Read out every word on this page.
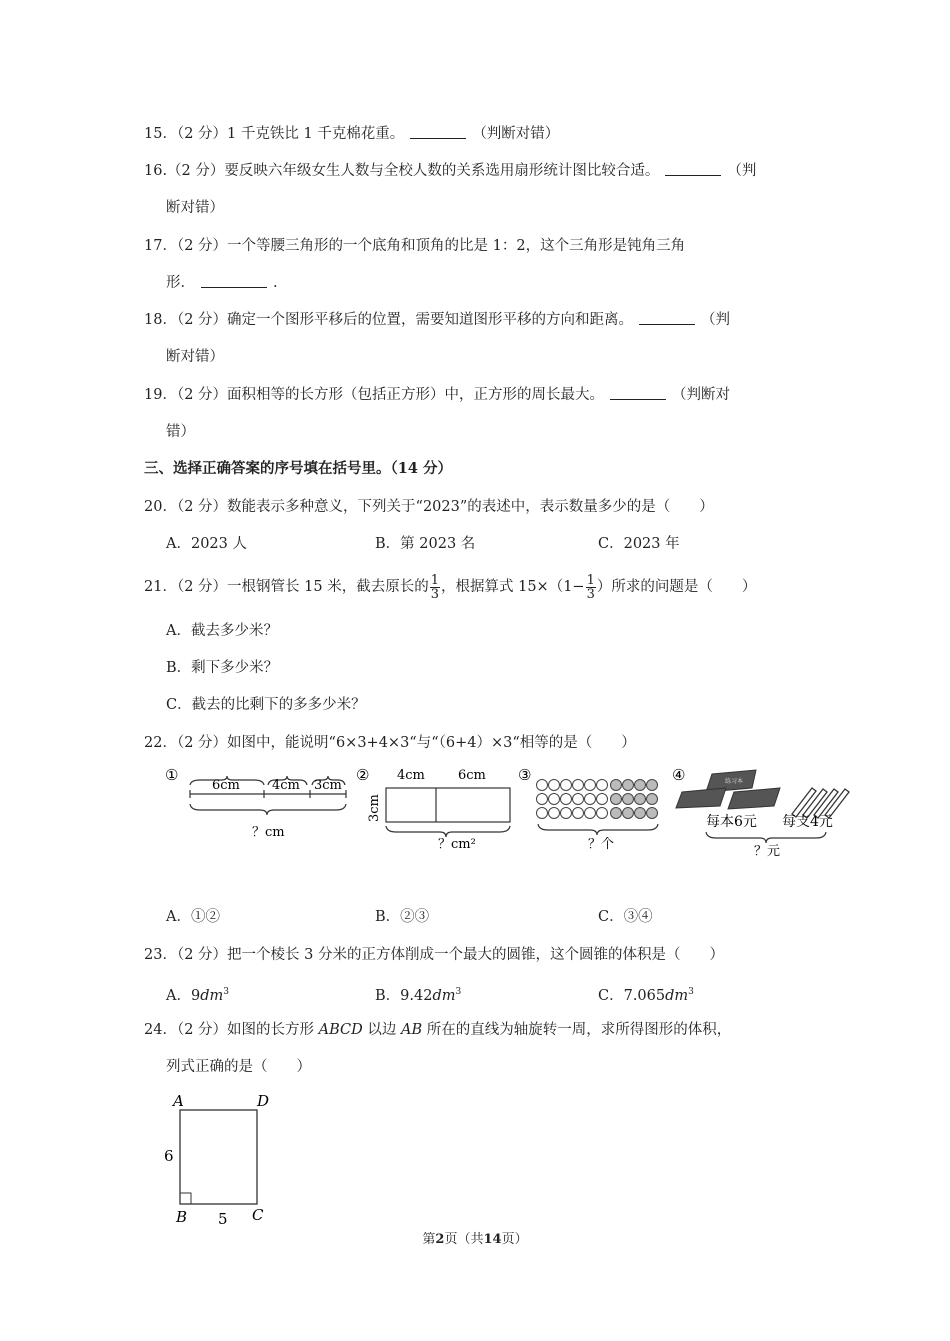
15．（2 分）1 千克铁比 1 千克棉花重。	（判断对错）
16.（2 分）要反映六年级女生人数与全校人数的关系选用扇形统计图比较合适。	（判
断对错）
17．（2 分）一个等腰三角形的一个底角和顶角的比是 1：2，这个三角形是钝角三角
形．	.
18．（2 分）确定一个图形平移后的位置，需要知道图形平移的方向和距离。	（判
断对错）
19．（2 分）面积相等的长方形（包括正方形）中，正方形的周长最大。	（判断对
错）
三、选择正确答案的序号填在括号里。（14 分）
20．（2 分）数能表示多种意义，下列关于“2023”的表述中，表示数量多少的是（　　）
A．2023 人	B．第 2023 名	C．2023 年
21．（2 分）一根钢管长 15 米，截去原长的 $\frac{1}{3}$ ，根据算式 $15\times(1- \frac{1}{3}$ ）所求的问题是（　　）
A．截去多少米？
B．剩下多少米？
C．截去的比剩下的多多少米？
22．（2 分）如图中，能说明“6×3+4×3“与“（6+4）×3“相等的是（　　）
①
6cm 4cm 3cm
？cm
② 4cm	6cm
3cm
？cm²
③
？个
④	练习本
每本6元 每支4元
？元
A．①②	B．②③	C．③④
23．（2 分）把一个棱长 3 分米的正方体削成一个最大的圆锥，这个圆锥的体积是（　　）
A．$9dm^3$	B．$9.42dm^3$	C．$7.065dm^3$
24．（2 分）如图的长方形 ABCD 以边 AB 所在的直线为轴旋转一周，求所得图形的体积，
列式正确的是（　　）
A	D
B	C
6
5
第2页（共14页）
